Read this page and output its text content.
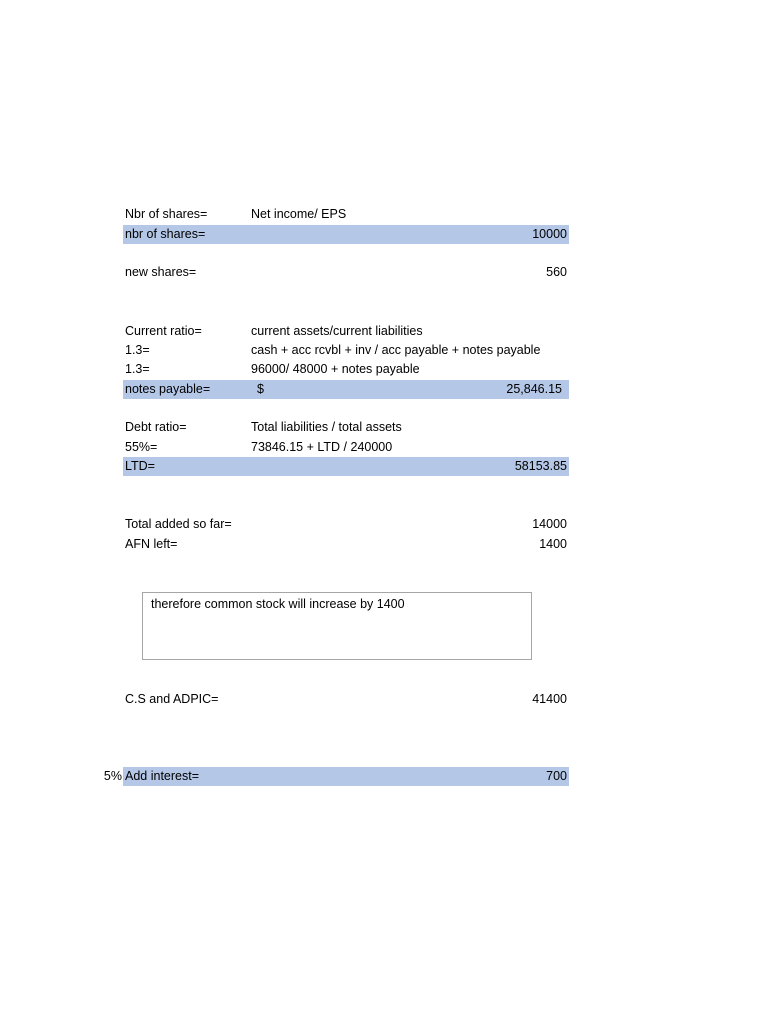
Nbr of shares=	Net income/ EPS
nbr of shares=	10000
new shares=	560
Current ratio=	current assets/current liabilities
1.3=	cash + acc rcvbl + inv / acc payable + notes payable
1.3=	96000/ 48000 + notes payable
notes payable=	$	25,846.15
Debt ratio=	Total liabilities / total assets
55%=	73846.15 + LTD / 240000
LTD=	58153.85
Total added so far=	14000
AFN left=	1400
therefore common stock will increase by 1400
C.S and ADPIC=	41400
5% Add interest=	700
